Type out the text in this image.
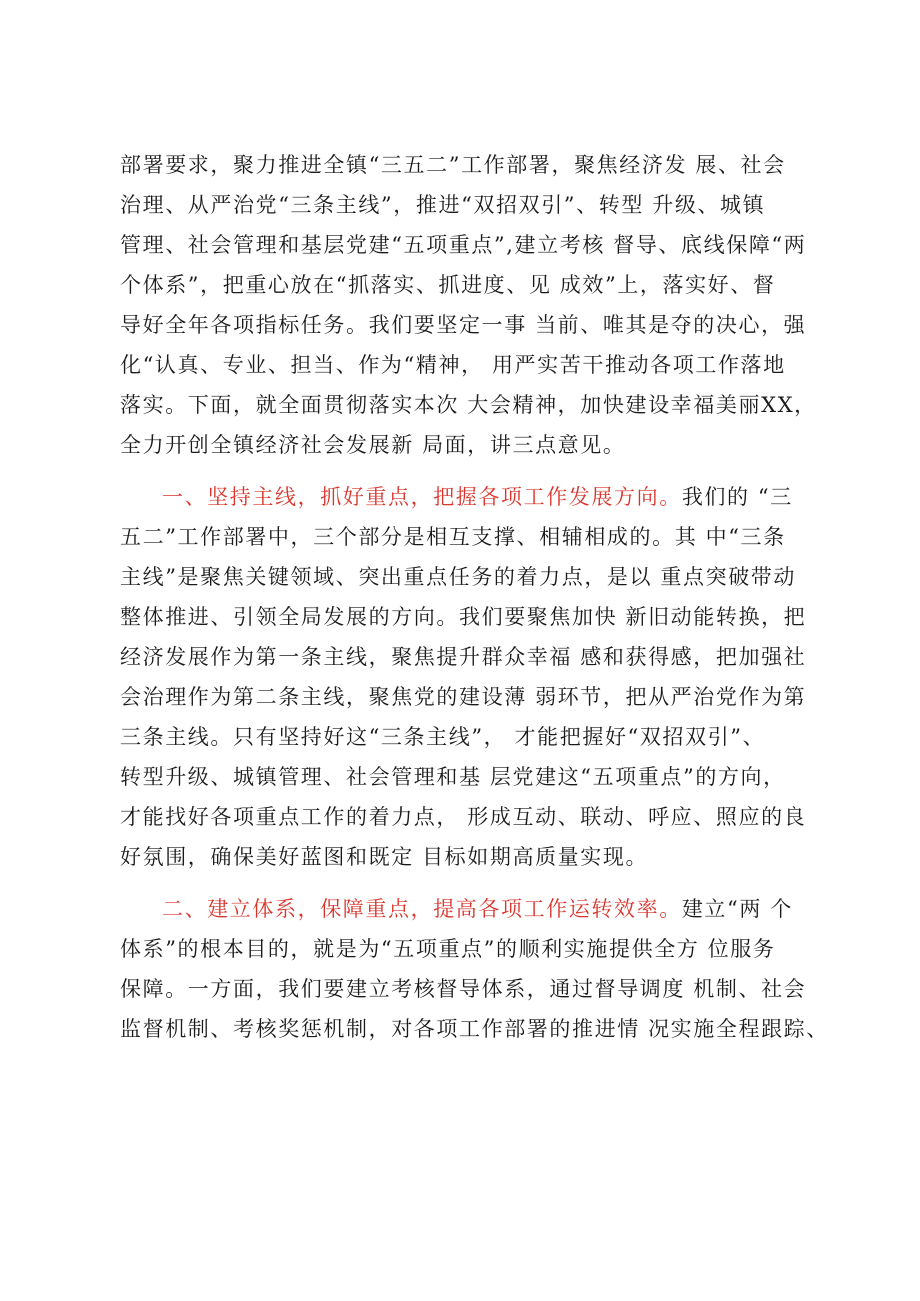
部署要求，聚力推进全镇“三五二”工作部署，聚焦经济发 展、社会
治理、从严治党“三条主线”，推进“双招双引”、转型 升级、城镇
管理、社会管理和基层党建“五项重点”,建立考核 督导、底线保障“两
个体系”，把重心放在“抓落实、抓进度、见 成效”上，落实好、督
导好全年各项指标任务。我们要坚定一事 当前、唯其是夺的决心，强
化“认真、专业、担当、作为“精神， 用严实苦干推动各项工作落地
落实。下面，就全面贯彻落实本次 大会精神，加快建设幸福美丽XX，
全力开创全镇经济社会发展新 局面，讲三点意见。
一、坚持主线，抓好重点，把握各项工作发展方向。我们的 “三
五二”工作部署中，三个部分是相互支撑、相辅相成的。其 中“三条
主线”是聚焦关键领域、突出重点任务的着力点，是以 重点突破带动
整体推进、引领全局发展的方向。我们要聚焦加快 新旧动能转换，把
经济发展作为第一条主线，聚焦提升群众幸福 感和获得感，把加强社
会治理作为第二条主线，聚焦党的建设薄 弱环节，把从严治党作为第
三条主线。只有坚持好这“三条主线”， 才能把握好“双招双引”、
转型升级、城镇管理、社会管理和基 层党建这“五项重点”的方向，
才能找好各项重点工作的着力点， 形成互动、联动、呼应、照应的良
好氛围，确保美好蓝图和既定 目标如期高质量实现。
二、建立体系，保障重点，提高各项工作运转效率。建立“两 个
体系”的根本目的，就是为“五项重点”的顺利实施提供全方 位服务
保障。一方面，我们要建立考核督导体系，通过督导调度 机制、社会
监督机制、考核奖惩机制，对各项工作部署的推进情 况实施全程跟踪、
